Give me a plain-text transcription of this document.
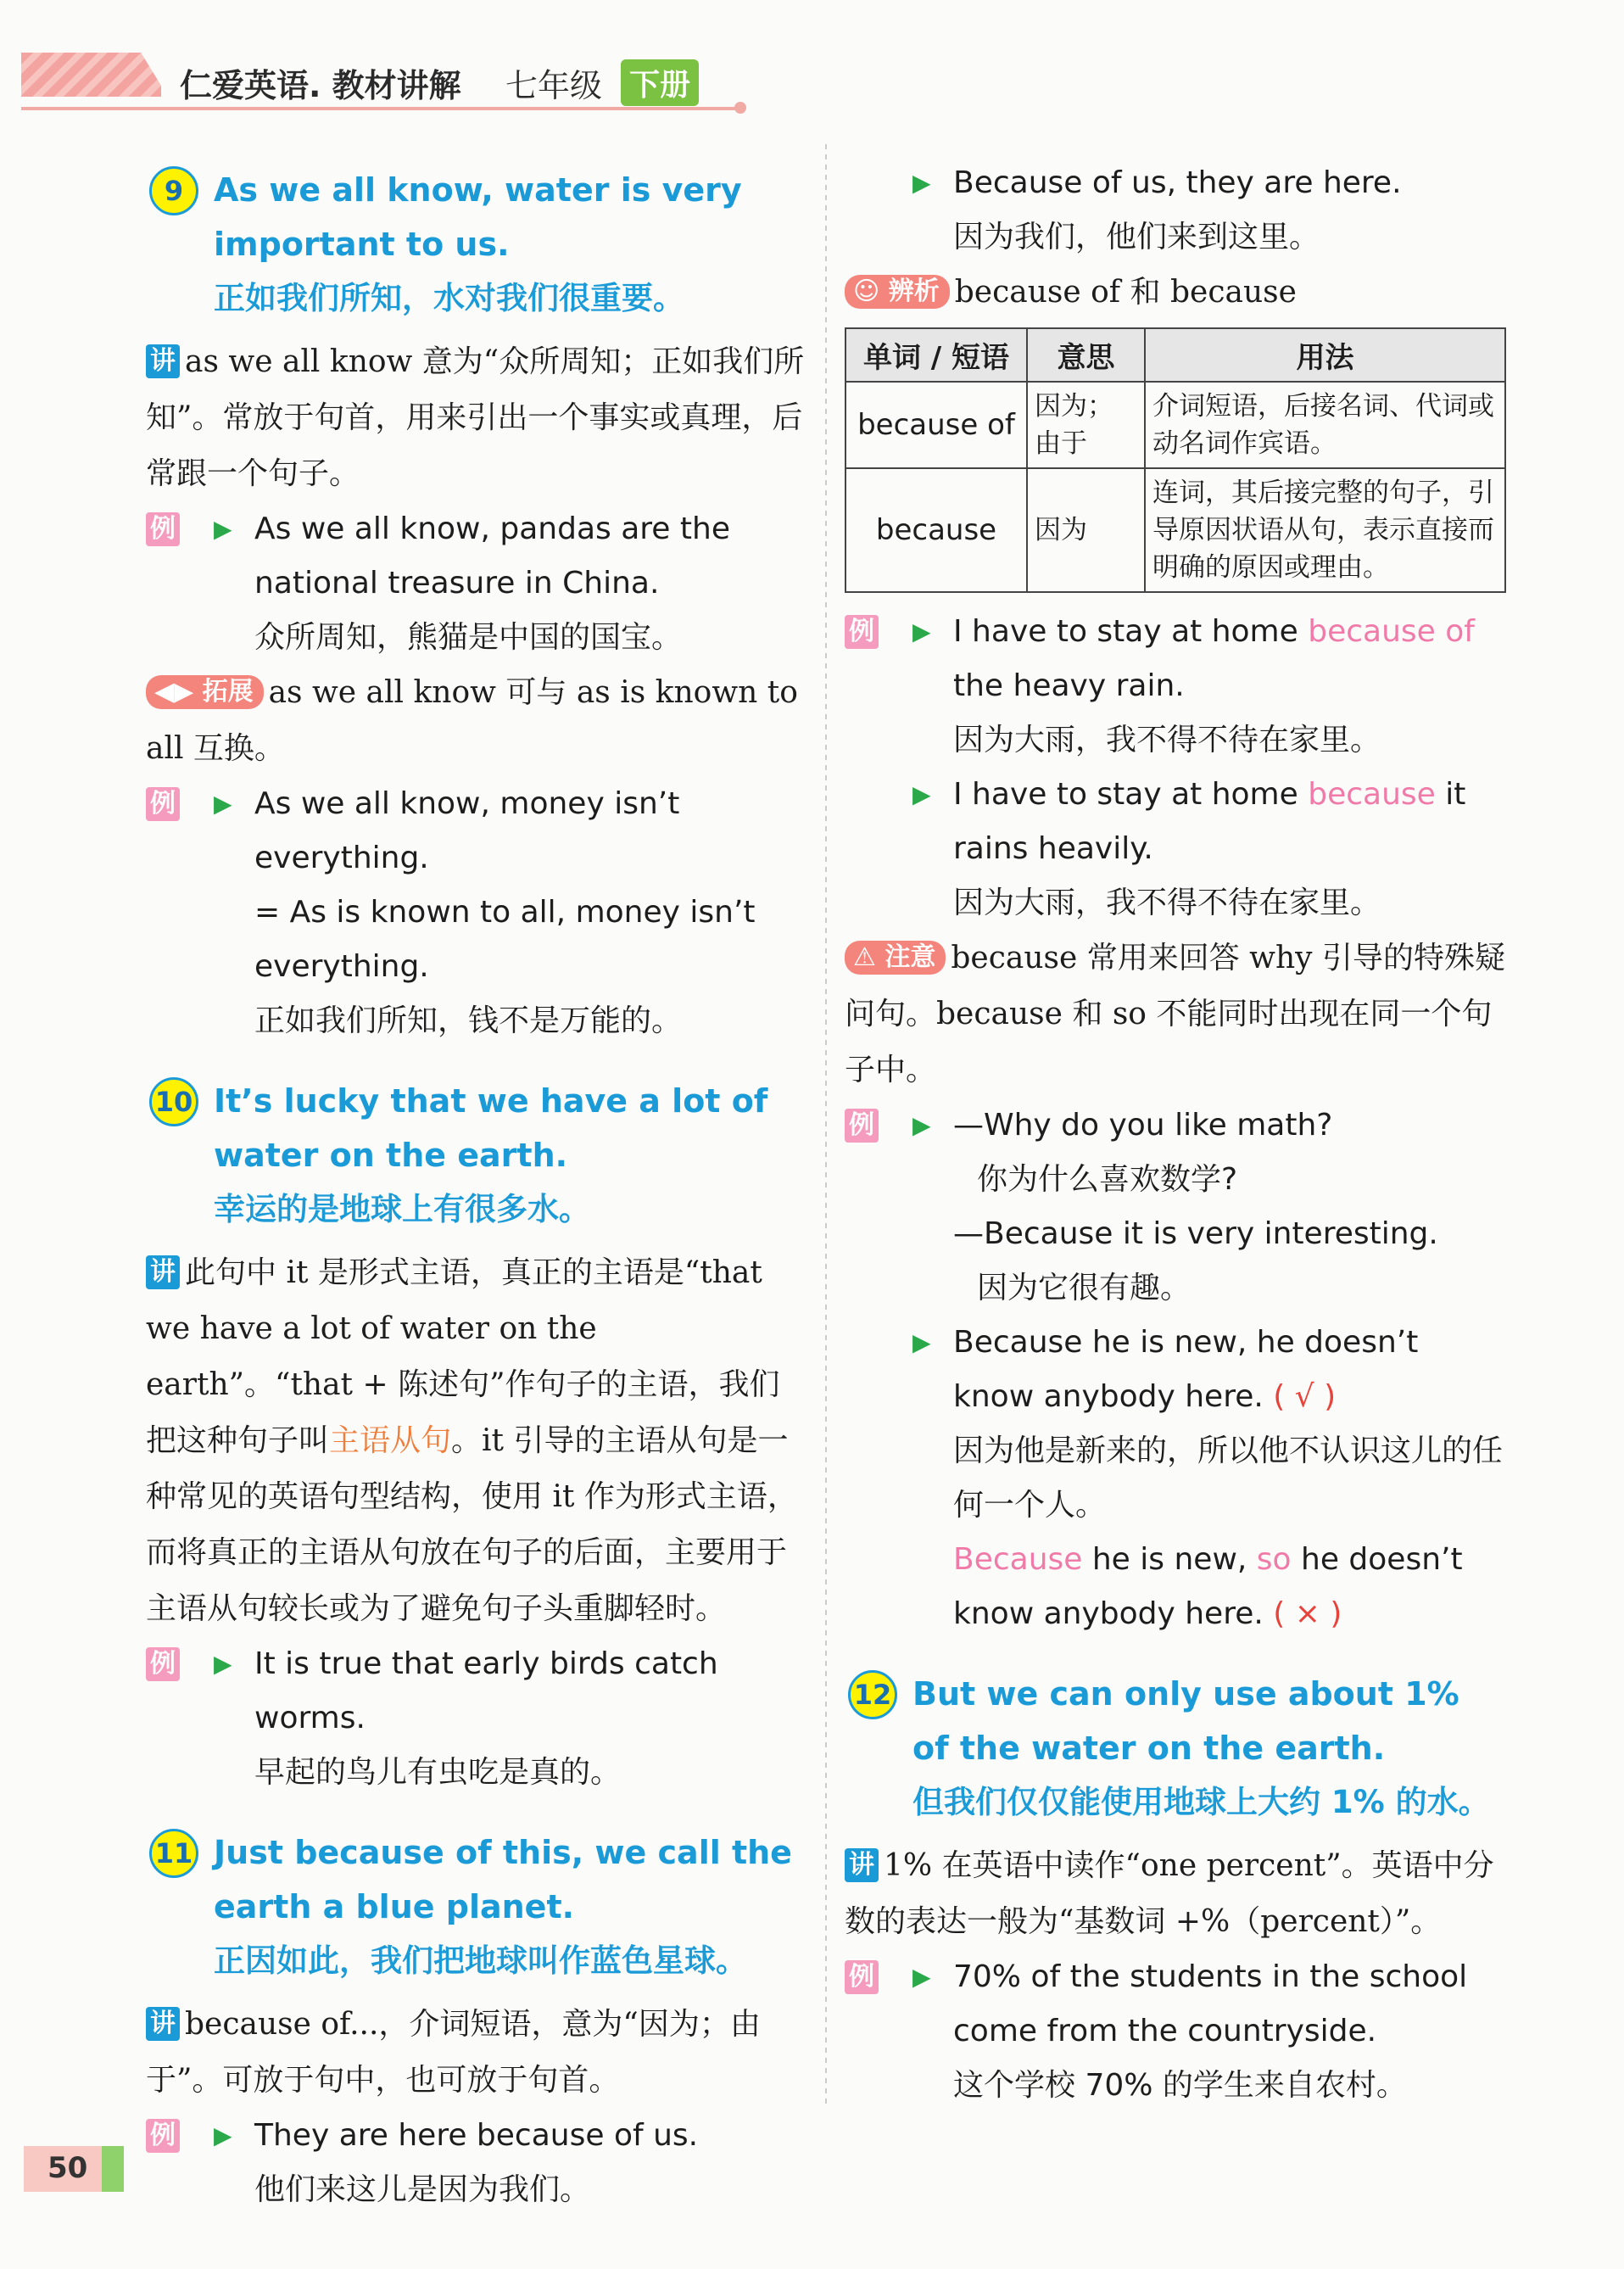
仁爱英语. 教材讲解 七年级 下册
9 As we all know, water is very important to us.
正如我们所知，水对我们很重要。
讲 as we all know 意为“众所周知；正如我们所知”。常放于句首，用来引出一个事实或真理，后常跟一个句子。
例 ▶ As we all know, pandas are the national treasure in China.
众所周知，熊猫是中国的国宝。
◀▶ 拓展 as we all know 可与 as is known to all 互换。
例 ▶ As we all know, money isn’t everything.
= As is known to all, money isn’t everything.
正如我们所知，钱不是万能的。
10 It’s lucky that we have a lot of water on the earth.
幸运的是地球上有很多水。
讲 此句中 it 是形式主语，真正的主语是“that we have a lot of water on the earth”。“that + 陈述句”作句子的主语，我们把这种句子叫主语从句。it 引导的主语从句是一种常见的英语句型结构，使用 it 作为形式主语，而将真正的主语从句放在句子的后面，主要用于主语从句较长或为了避免句子头重脚轻时。
例 ▶ It is true that early birds catch worms.
早起的鸟儿有虫吃是真的。
11 Just because of this, we call the earth a blue planet.
正因如此，我们把地球叫作蓝色星球。
讲 because of...，介词短语，意为“因为；由于”。可放于句中，也可放于句首。
例 ▶ They are here because of us.
他们来这儿是因为我们。
▶ Because of us, they are here.
因为我们，他们来到这里。
☺ 辨析 because of 和 because
单词 / 短语	意思	用法
because of	因为；由于	介词短语，后接名词、代词或动名词作宾语。
because	因为	连词，其后接完整的句子，引导原因状语从句，表示直接而明确的原因或理由。
例 ▶ I have to stay at home because of the heavy rain.
因为大雨，我不得不待在家里。
▶ I have to stay at home because it rains heavily.
因为大雨，我不得不待在家里。
⚠ 注意 because 常用来回答 why 引导的特殊疑问句。because 和 so 不能同时出现在同一个句子中。
例 ▶ —Why do you like math?
你为什么喜欢数学?
—Because it is very interesting.
因为它很有趣。
▶ Because he is new, he doesn’t know anybody here. ( √ )
因为他是新来的，所以他不认识这儿的任何一个人。
Because he is new, so he doesn’t know anybody here. ( × )
12 But we can only use about 1% of the water on the earth.
但我们仅仅能使用地球上大约 1% 的水。
讲 1% 在英语中读作“one percent”。英语中分数的表达一般为“基数词 +%（percent）”。
例 ▶ 70% of the students in the school come from the countryside.
这个学校 70% 的学生来自农村。
50
